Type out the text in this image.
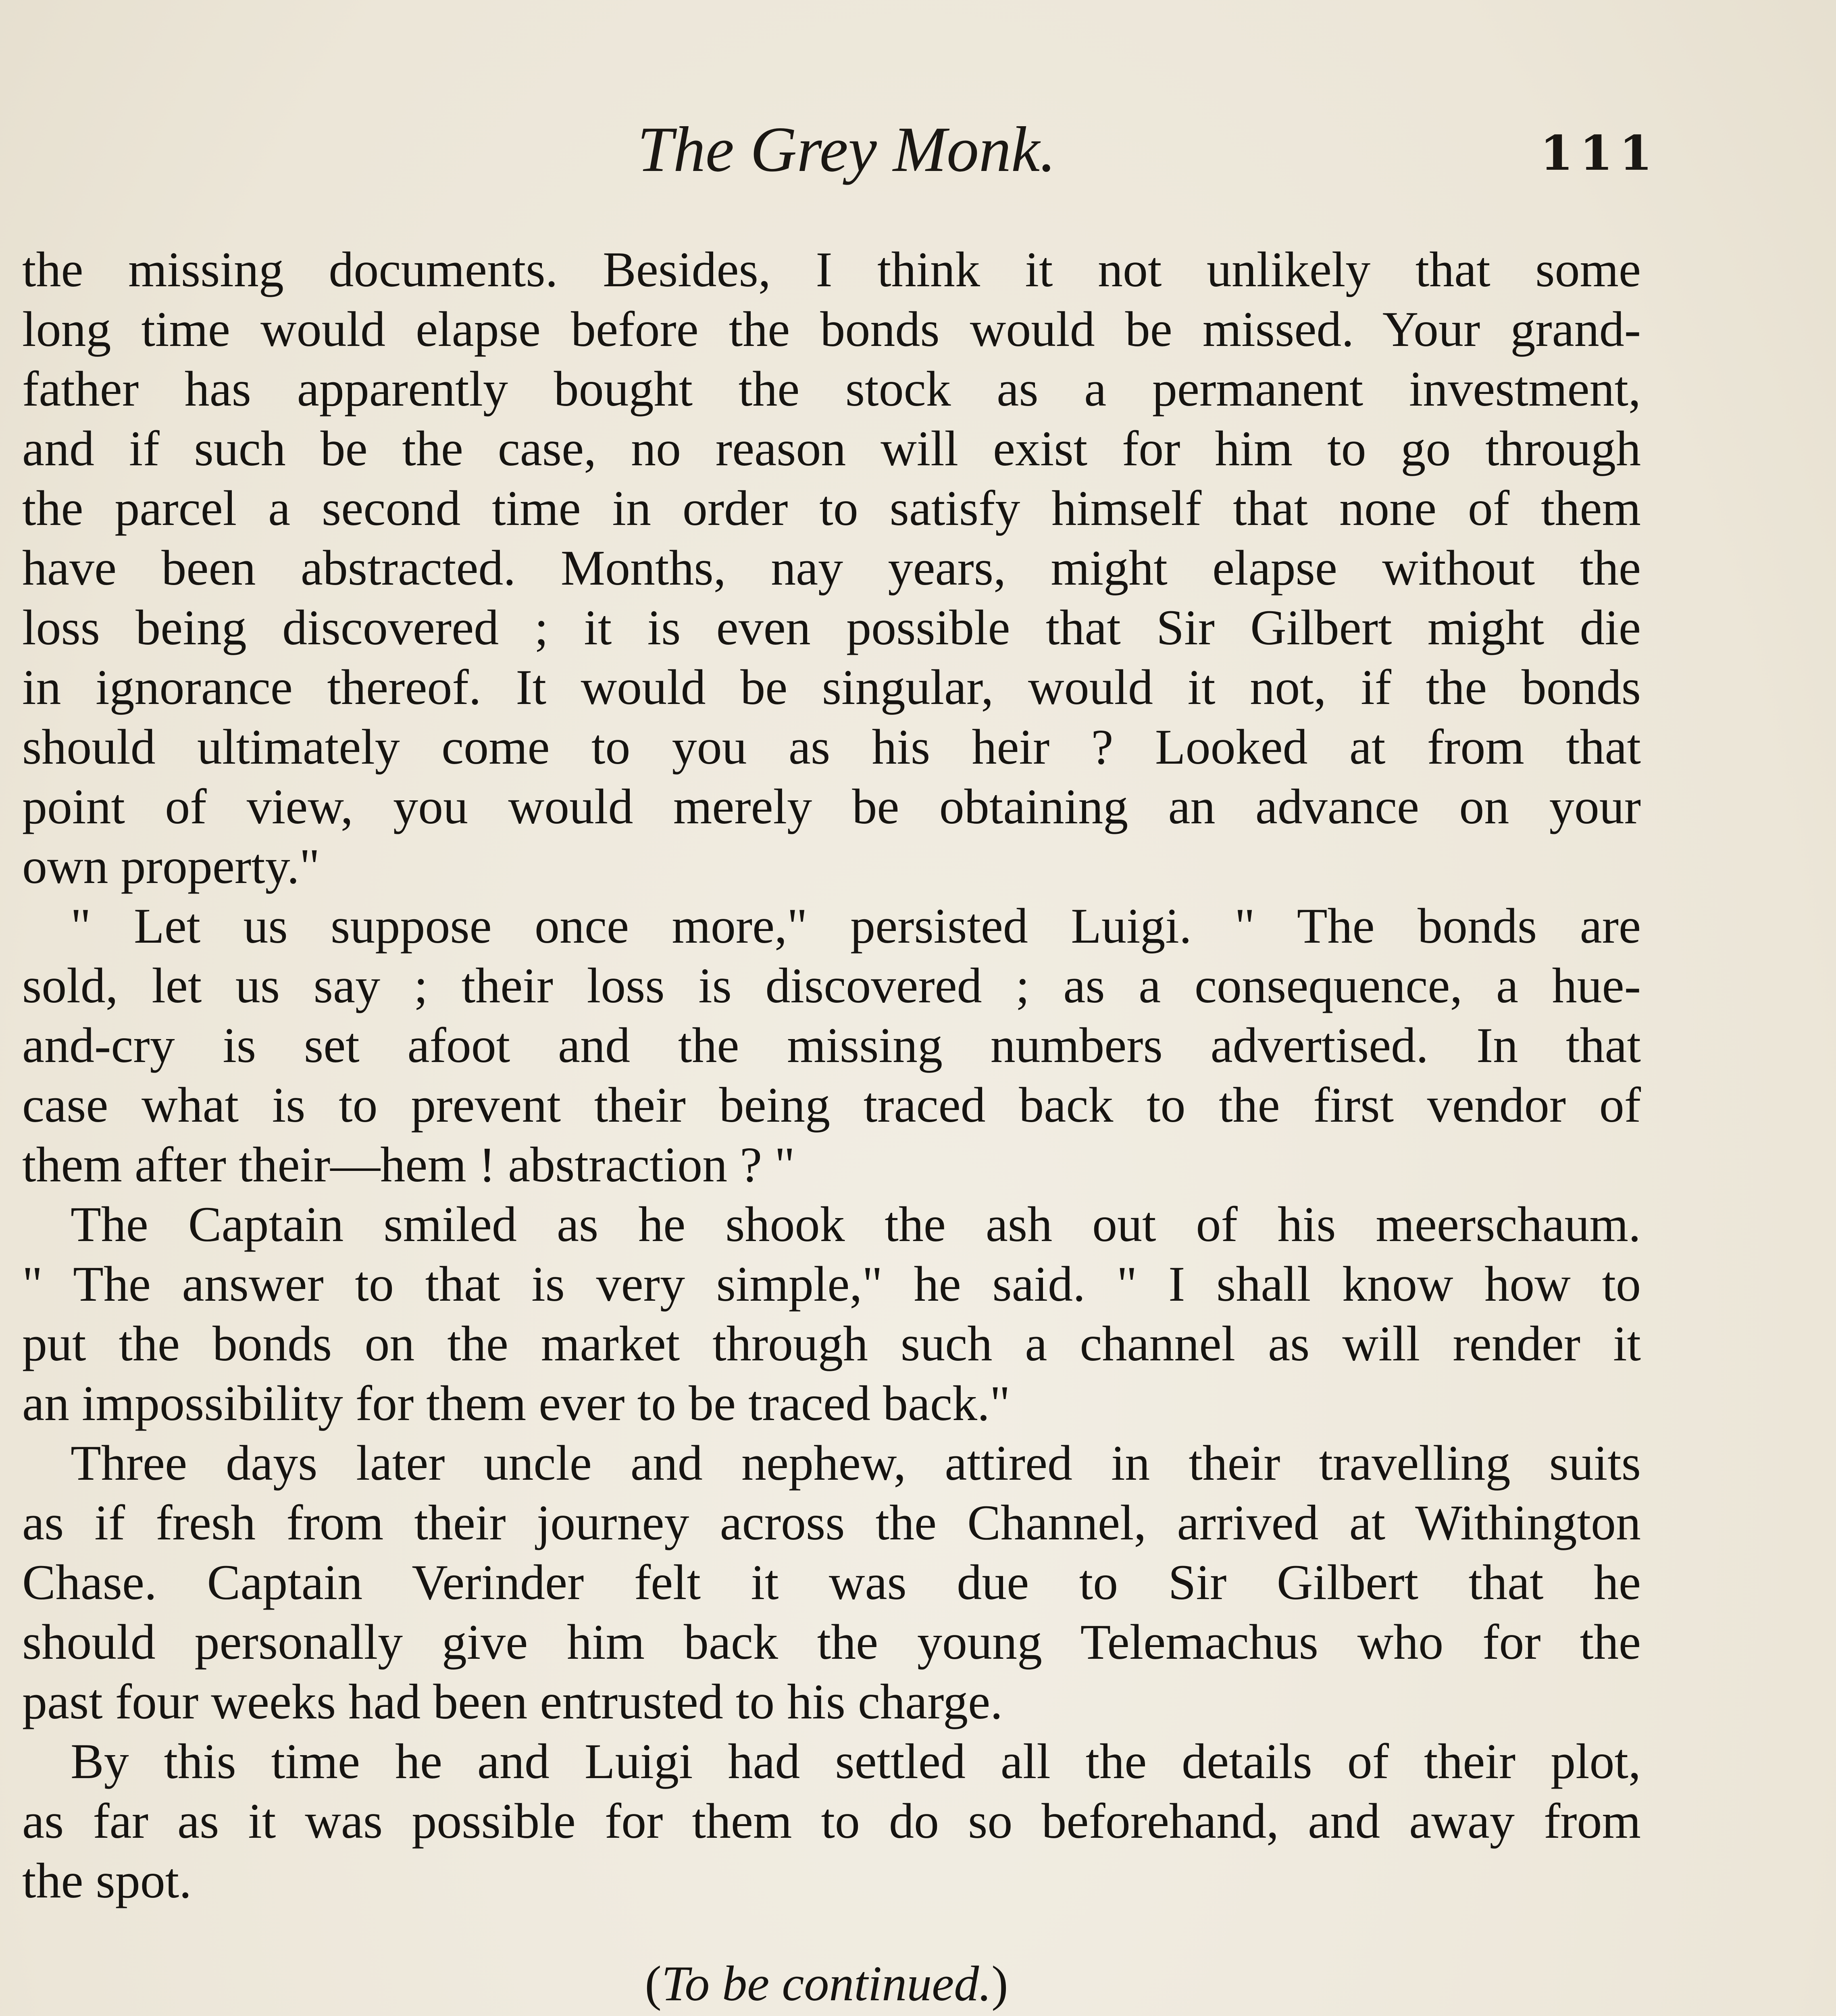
The Grey Monk.	111
the missing documents. Besides, I think it not unlikely that some
long time would elapse before the bonds would be missed. Your grand-
father has apparently bought the stock as a permanent investment,
and if such be the case, no reason will exist for him to go through
the parcel a second time in order to satisfy himself that none of them
have been abstracted. Months, nay years, might elapse without the
loss being discovered ; it is even possible that Sir Gilbert might die
in ignorance thereof. It would be singular, would it not, if the bonds
should ultimately come to you as his heir ? Looked at from that
point of view, you would merely be obtaining an advance on your
own property."
" Let us suppose once more," persisted Luigi. " The bonds are
sold, let us say ; their loss is discovered ; as a consequence, a hue-
and-cry is set afoot and the missing numbers advertised. In that
case what is to prevent their being traced back to the first vendor of
them after their—hem ! abstraction ? "
The Captain smiled as he shook the ash out of his meerschaum.
" The answer to that is very simple," he said. " I shall know how to
put the bonds on the market through such a channel as will render it
an impossibility for them ever to be traced back."
Three days later uncle and nephew, attired in their travelling suits
as if fresh from their journey across the Channel, arrived at Withington
Chase. Captain Verinder felt it was due to Sir Gilbert that he
should personally give him back the young Telemachus who for the
past four weeks had been entrusted to his charge.
By this time he and Luigi had settled all the details of their plot,
as far as it was possible for them to do so beforehand, and away from
the spot.
(To be continued.)
